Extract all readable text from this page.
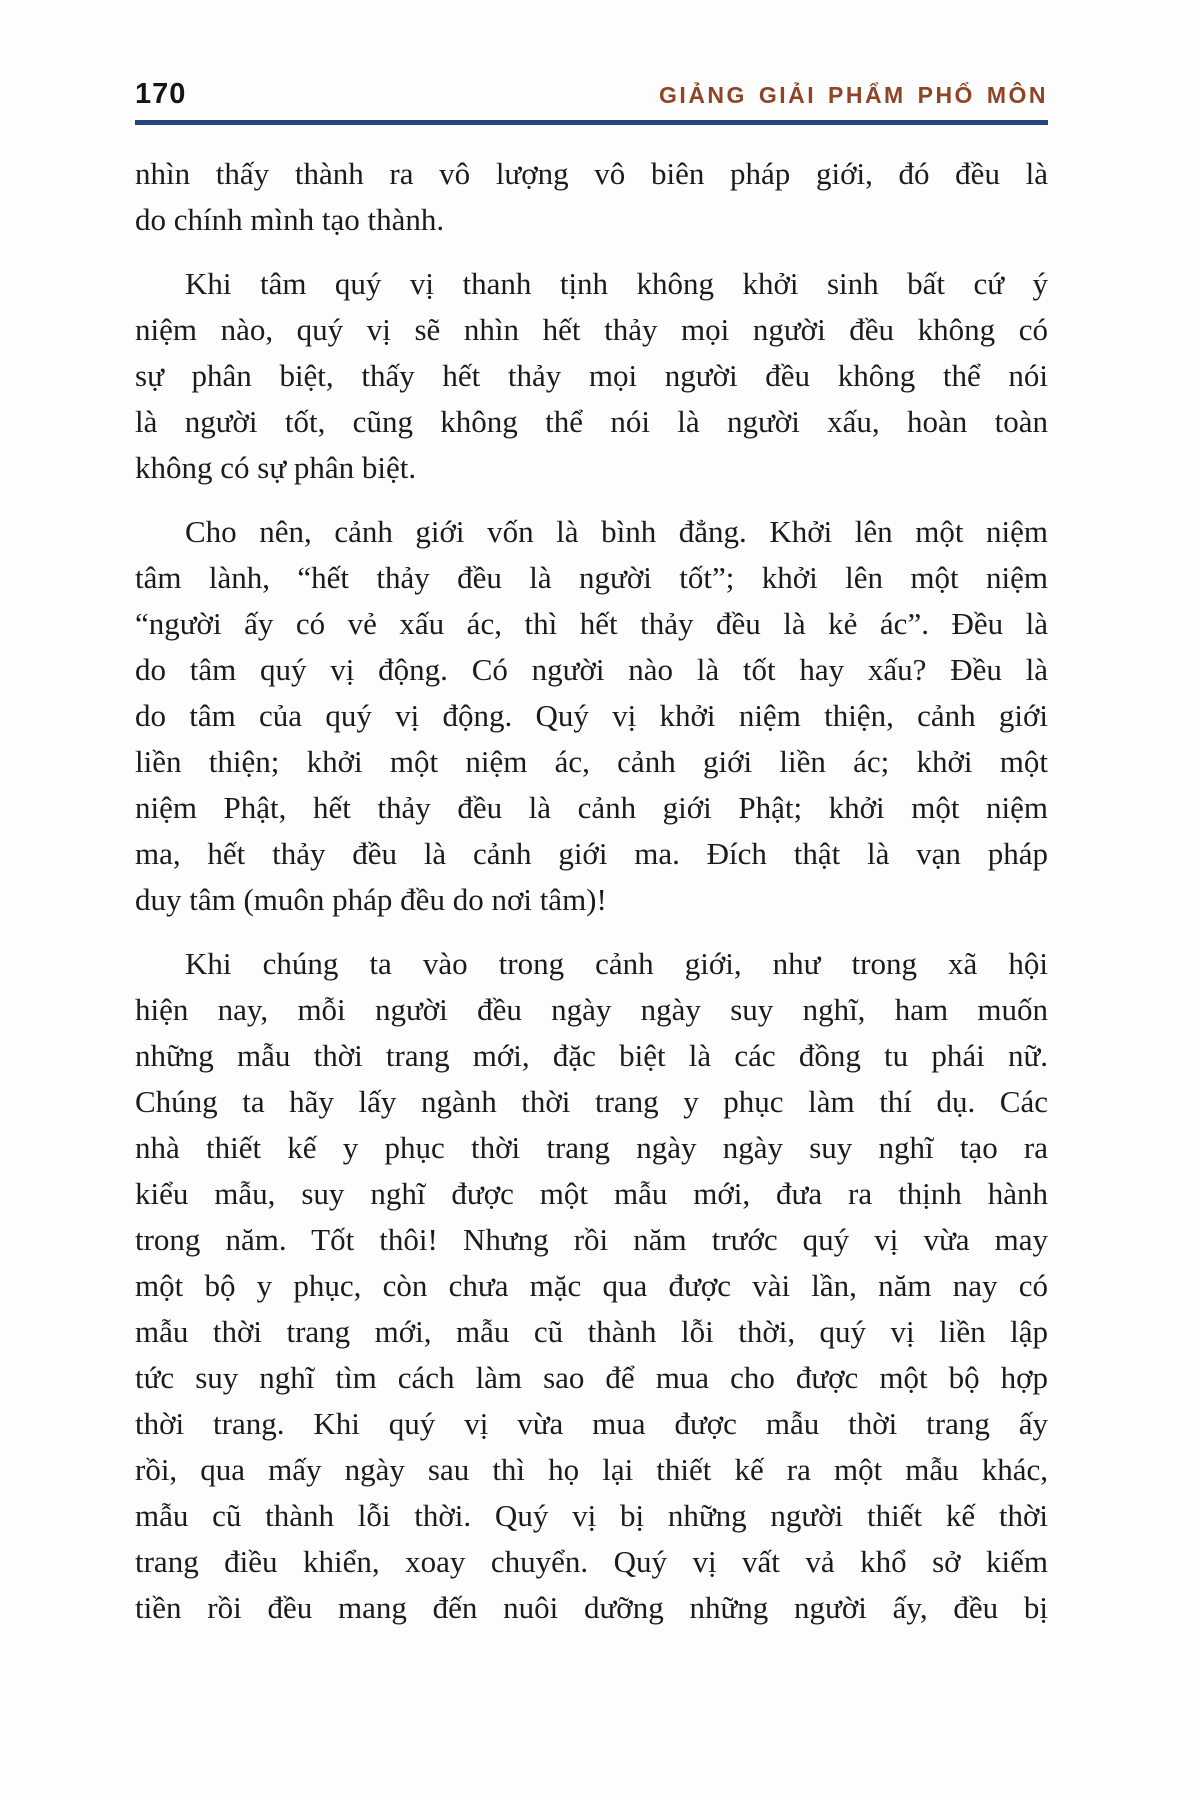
170	GIẢNG GIẢI PHẨM PHỔ MÔN
nhìn thấy thành ra vô lượng vô biên pháp giới, đó đều là
do chính mình tạo thành.
Khi tâm quý vị thanh tịnh không khởi sinh bất cứ ý
niệm nào, quý vị sẽ nhìn hết thảy mọi người đều không có
sự phân biệt, thấy hết thảy mọi người đều không thể nói
là người tốt, cũng không thể nói là người xấu, hoàn toàn
không có sự phân biệt.
Cho nên, cảnh giới vốn là bình đẳng. Khởi lên một niệm
tâm lành, “hết thảy đều là người tốt”; khởi lên một niệm
“người ấy có vẻ xấu ác, thì hết thảy đều là kẻ ác”. Đều là
do tâm quý vị động. Có người nào là tốt hay xấu? Đều là
do tâm của quý vị động. Quý vị khởi niệm thiện, cảnh giới
liền thiện; khởi một niệm ác, cảnh giới liền ác; khởi một
niệm Phật, hết thảy đều là cảnh giới Phật; khởi một niệm
ma, hết thảy đều là cảnh giới ma. Đích thật là vạn pháp
duy tâm (muôn pháp đều do nơi tâm)!
Khi chúng ta vào trong cảnh giới, như trong xã hội
hiện nay, mỗi người đều ngày ngày suy nghĩ, ham muốn
những mẫu thời trang mới, đặc biệt là các đồng tu phái nữ.
Chúng ta hãy lấy ngành thời trang y phục làm thí dụ. Các
nhà thiết kế y phục thời trang ngày ngày suy nghĩ tạo ra
kiểu mẫu, suy nghĩ được một mẫu mới, đưa ra thịnh hành
trong năm. Tốt thôi! Nhưng rồi năm trước quý vị vừa may
một bộ y phục, còn chưa mặc qua được vài lần, năm nay có
mẫu thời trang mới, mẫu cũ thành lỗi thời, quý vị liền lập
tức suy nghĩ tìm cách làm sao để mua cho được một bộ hợp
thời trang. Khi quý vị vừa mua được mẫu thời trang ấy
rồi, qua mấy ngày sau thì họ lại thiết kế ra một mẫu khác,
mẫu cũ thành lỗi thời. Quý vị bị những người thiết kế thời
trang điều khiển, xoay chuyển. Quý vị vất vả khổ sở kiếm
tiền rồi đều mang đến nuôi dưỡng những người ấy, đều bị
